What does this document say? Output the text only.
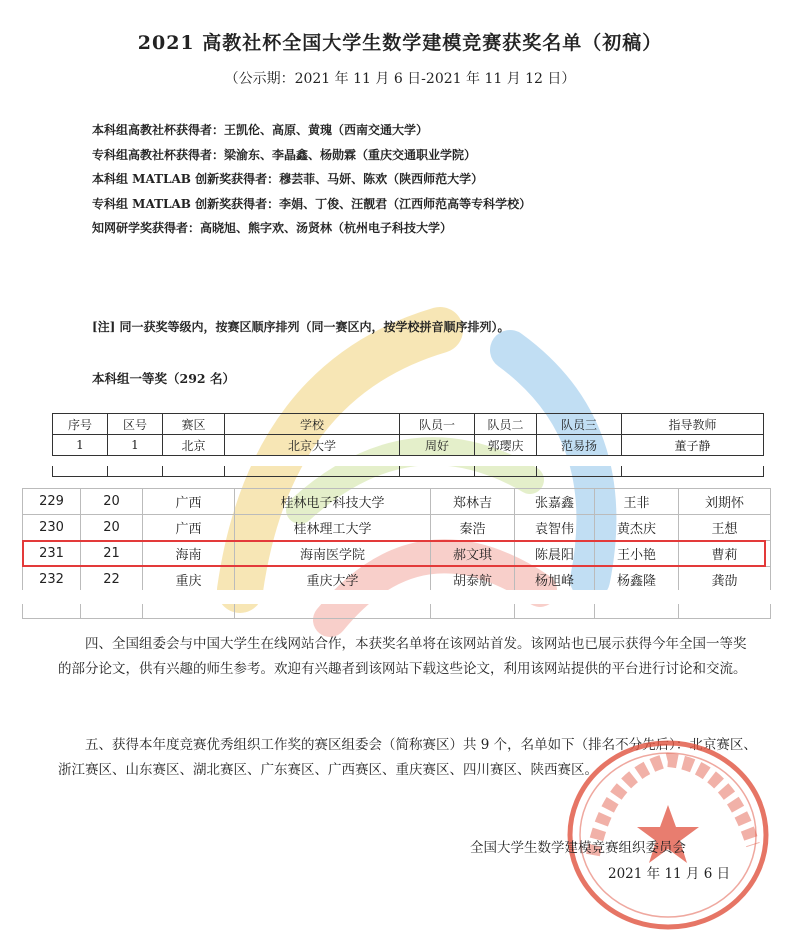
2021 高教社杯全国大学生数学建模竞赛获奖名单（初稿）
（公示期：2021 年 11 月 6 日-2021 年 11 月 12 日）
本科组高教社杯获得者：王凯伦、高原、黄瑰（西南交通大学）
专科组高教社杯获得者：梁渝东、李晶鑫、杨勋霖（重庆交通职业学院）
本科组 MATLAB 创新奖获得者：穆芸菲、马妍、陈欢（陕西师范大学）
专科组 MATLAB 创新奖获得者：李娟、丁俊、汪靓君（江西师范高等专科学校）
知网研学奖获得者：高晓旭、熊字欢、汤贤林（杭州电子科技大学）
[注] 同一获奖等级内，按赛区顺序排列（同一赛区内，按学校拼音顺序排列）。
本科组一等奖（292 名）
序号	区号	赛区	学校	队员一	队员二	队员三	指导教师
1	1	北京	北京大学	周好	郭璎庆	范易扬	董子静

229	20	广西	桂林电子科技大学	郑林吉	张嘉鑫	王非	刘期怀
230	20	广西	桂林理工大学	秦浩	袁智伟	黄杰庆	王想
231	21	海南	海南医学院	郝文琪	陈晨阳	王小艳	曹莉
232	22	重庆	重庆大学	胡泰航	杨旭峰	杨鑫隆	龚劭

四、全国组委会与中国大学生在线网站合作，本获奖名单将在该网站首发。该网站也已展示获得今年全国一等奖的部分论文，供有兴趣的师生参考。欢迎有兴趣者到该网站下载这些论文，利用该网站提供的平台进行讨论和交流。
五、获得本年度竞赛优秀组织工作奖的赛区组委会（简称赛区）共 9 个，名单如下（排名不分先后）：北京赛区、浙江赛区、山东赛区、湖北赛区、广东赛区、广西赛区、重庆赛区、四川赛区、陕西赛区。
全国大学生数学建模竞赛组织委员会
2021 年 11 月 6 日
